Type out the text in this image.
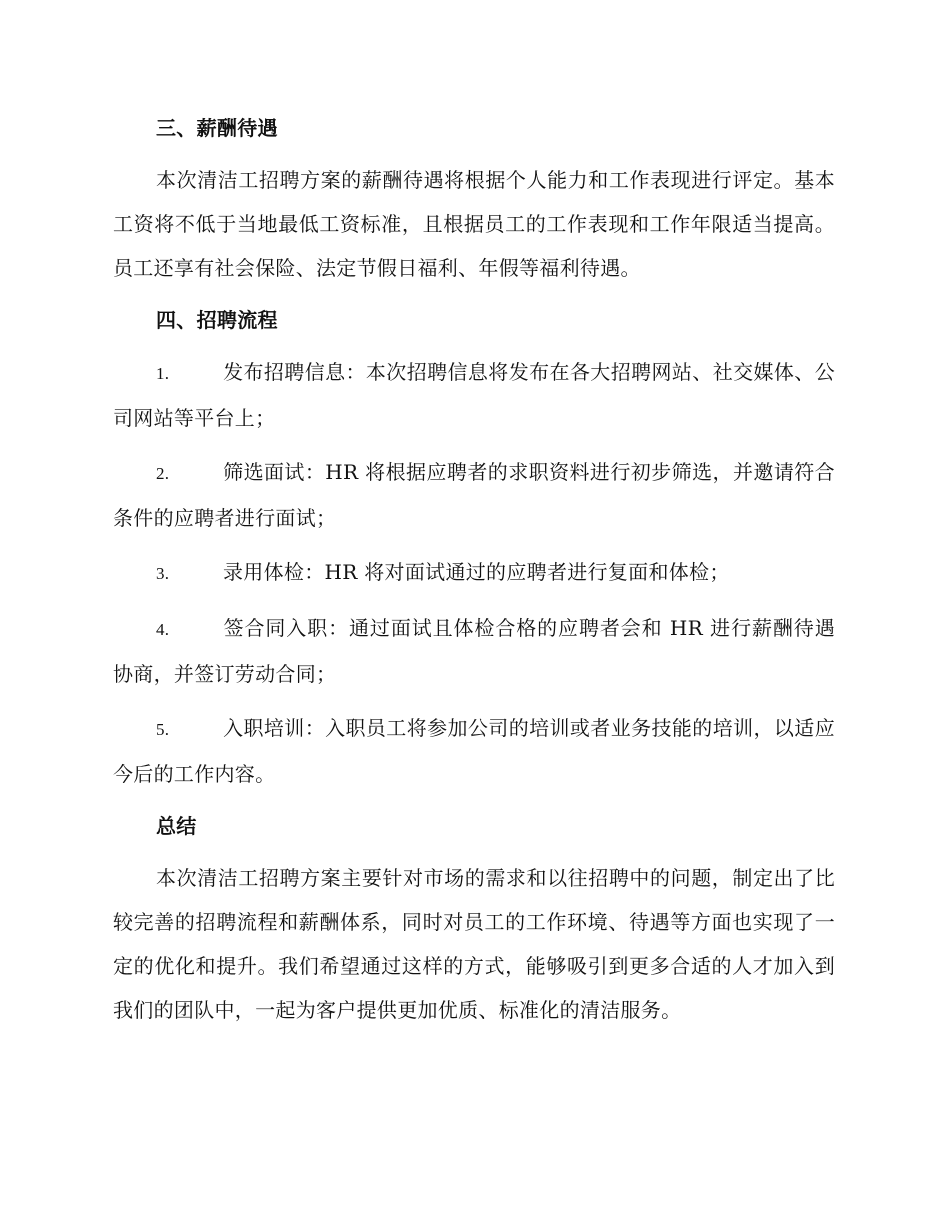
三、薪酬待遇

本次清洁工招聘方案的薪酬待遇将根据个人能力和工作表现进行评定。基本工资将不低于当地最低工资标准，且根据员工的工作表现和工作年限适当提高。员工还享有社会保险、法定节假日福利、年假等福利待遇。

四、招聘流程

1.	发布招聘信息：本次招聘信息将发布在各大招聘网站、社交媒体、公司网站等平台上；

2.	筛选面试：HR 将根据应聘者的求职资料进行初步筛选，并邀请符合条件的应聘者进行面试；

3.	录用体检：HR 将对面试通过的应聘者进行复面和体检；

4.	签合同入职：通过面试且体检合格的应聘者会和 HR 进行薪酬待遇协商，并签订劳动合同；

5.	入职培训：入职员工将参加公司的培训或者业务技能的培训，以适应今后的工作内容。

总结

本次清洁工招聘方案主要针对市场的需求和以往招聘中的问题，制定出了比较完善的招聘流程和薪酬体系，同时对员工的工作环境、待遇等方面也实现了一定的优化和提升。我们希望通过这样的方式，能够吸引到更多合适的人才加入到我们的团队中，一起为客户提供更加优质、标准化的清洁服务。
